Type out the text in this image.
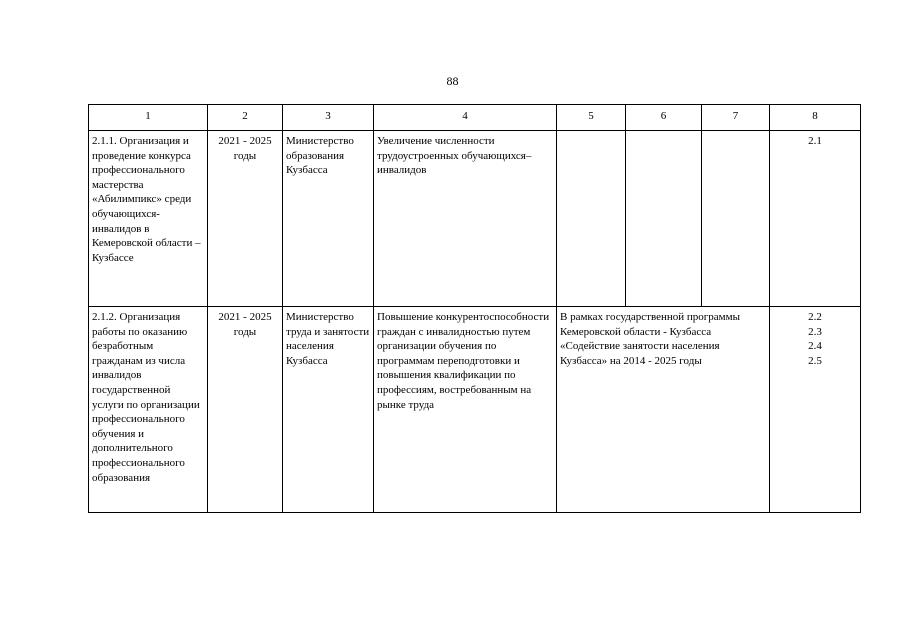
88
1	2	3	4	5	6	7	8
2.1.1. Организация и проведение конкурса профессионального мастерства «Абилимпикс» среди обучающихся-инвалидов в Кемеровской области – Кузбассе	2021 - 2025 годы	Министерство образования Кузбасса	Увеличение численности трудоустроенных обучающихся–инвалидов				2.1
2.1.2. Организация работы по оказанию безработным гражданам из числа инвалидов государственной услуги по организации профессионального обучения и дополнительного профессионального образования	2021 - 2025 годы	Министерство труда и занятости населения Кузбасса	Повышение конкурентоспособности граждан с инвалидностью путем организации обучения по программам переподготовки и повышения квалификации по профессиям, востребованным на рынке труда	В рамках государственной программы Кемеровской области - Кузбасса «Содействие занятости населения Кузбасса» на 2014 - 2025 годы			2.2
2.3
2.4
2.5
